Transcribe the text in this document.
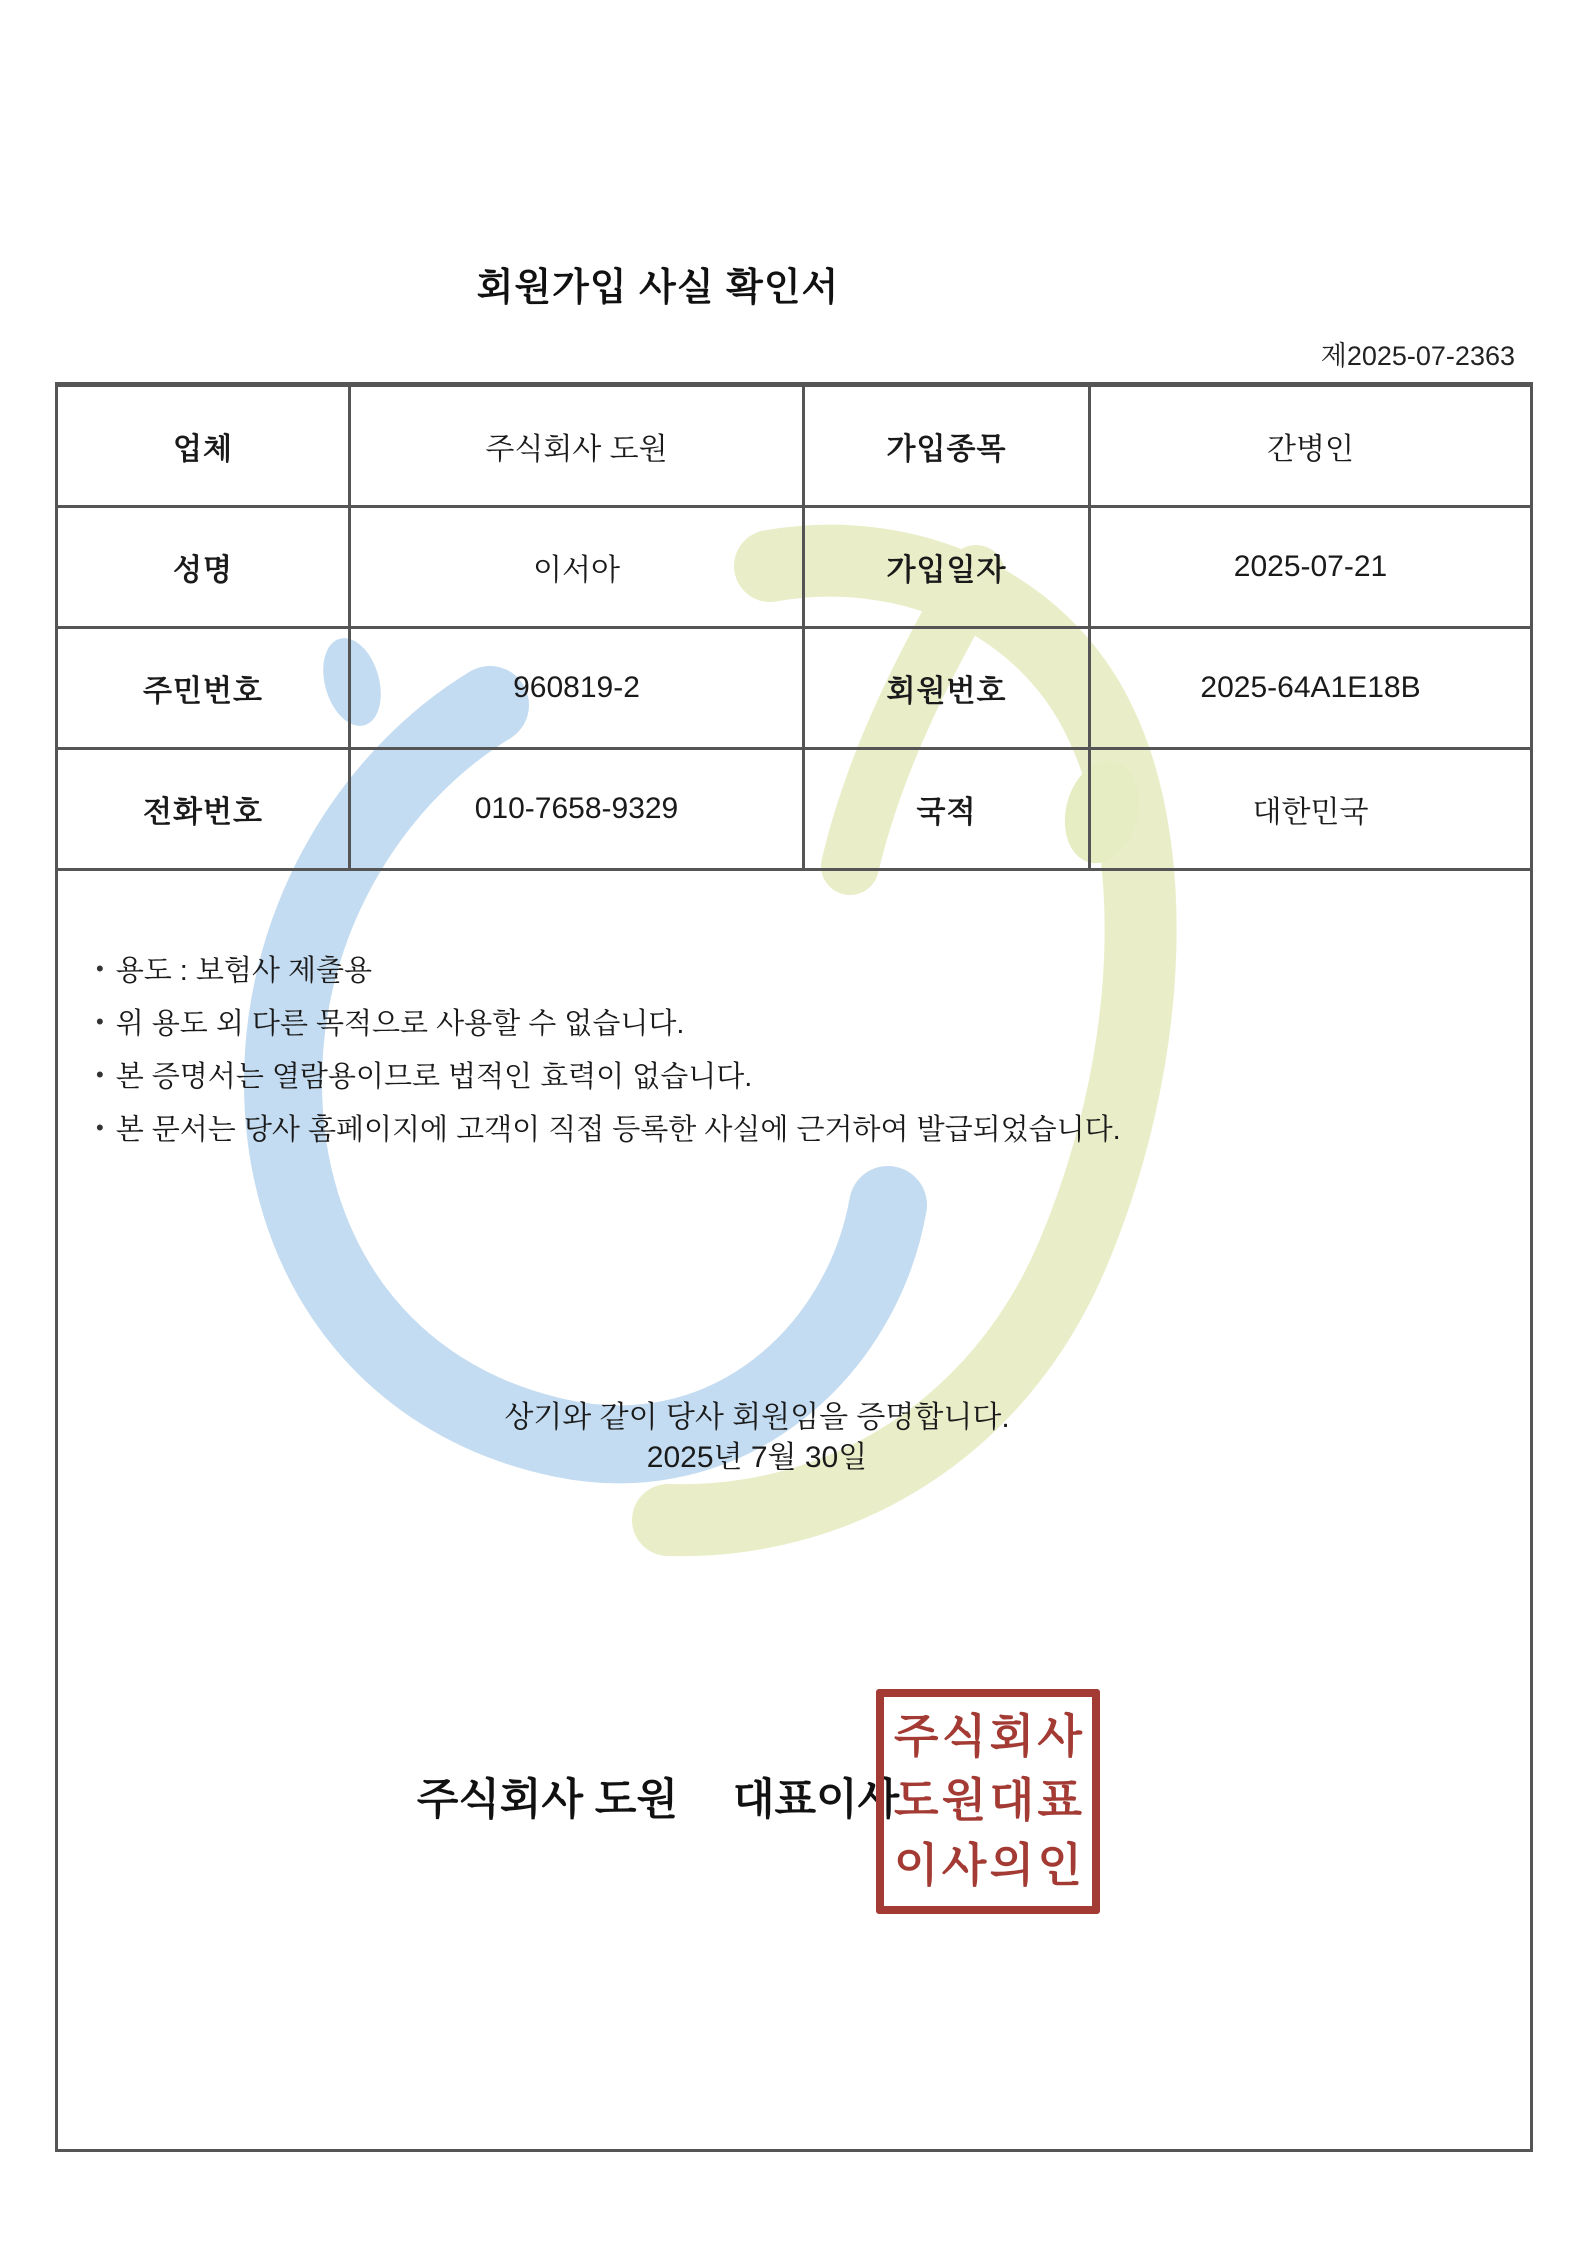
회원가입 사실 확인서
제2025-07-2363
업체	주식회사 도원	가입종목	간병인
성명	이서아	가입일자	2025-07-21
주민번호	960819-2	회원번호	2025-64A1E18B
전화번호	010-7658-9329	국적	대한민국
• 용도 : 보험사 제출용
• 위 용도 외 다른 목적으로 사용할 수 없습니다.
• 본 증명서는 열람용이므로 법적인 효력이 없습니다.
• 본 문서는 당사 홈페이지에 고객이 직접 등록한 사실에 근거하여 발급되었습니다.
상기와 같이 당사 회원임을 증명합니다.
2025년 7월 30일
주식회사 도원 대표이사
주 식 회 사
도 원 대 표
이 사 의 인
